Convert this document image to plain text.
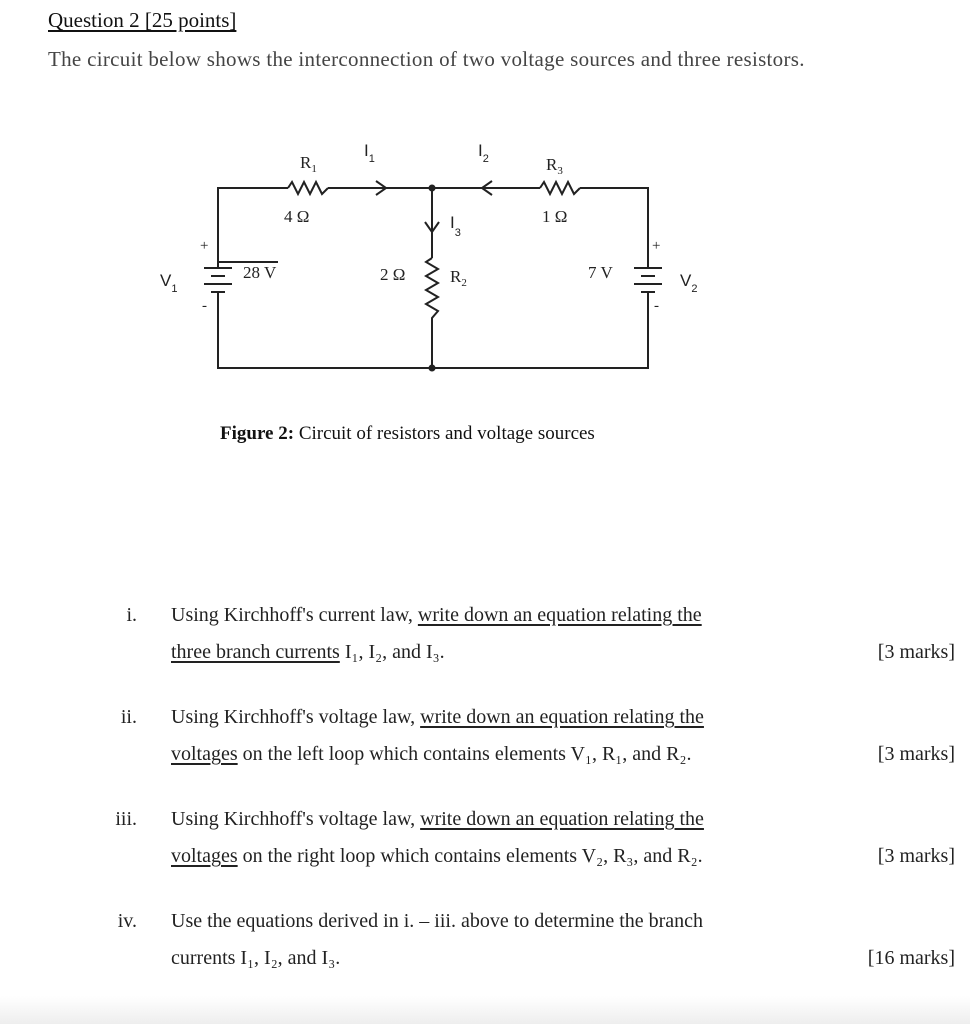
Question 2 [25 points]
The circuit below shows the interconnection of two voltage sources and three resistors.
$R_1$
4 Ω
$I_1$	$I_2$
$I_3$
$R_3$
1 Ω
2 Ω	$R_2$
28 V
$V_1$
7 V	$V_2$
+
-
+
-
Figure 2: Circuit of resistors and voltage sources
i. Using Kirchhoff's current law, write down an equation relating the
three branch currents I₁, I₂, and I₃.	[3 marks]
ii. Using Kirchhoff's voltage law, write down an equation relating the
voltages on the left loop which contains elements V₁, R₁, and R₂.	[3 marks]
iii. Using Kirchhoff's voltage law, write down an equation relating the
voltages on the right loop which contains elements V₂, R₃, and R₂.	[3 marks]
iv. Use the equations derived in i. – iii. above to determine the branch
currents I₁, I₂, and I₃.	[16 marks]
